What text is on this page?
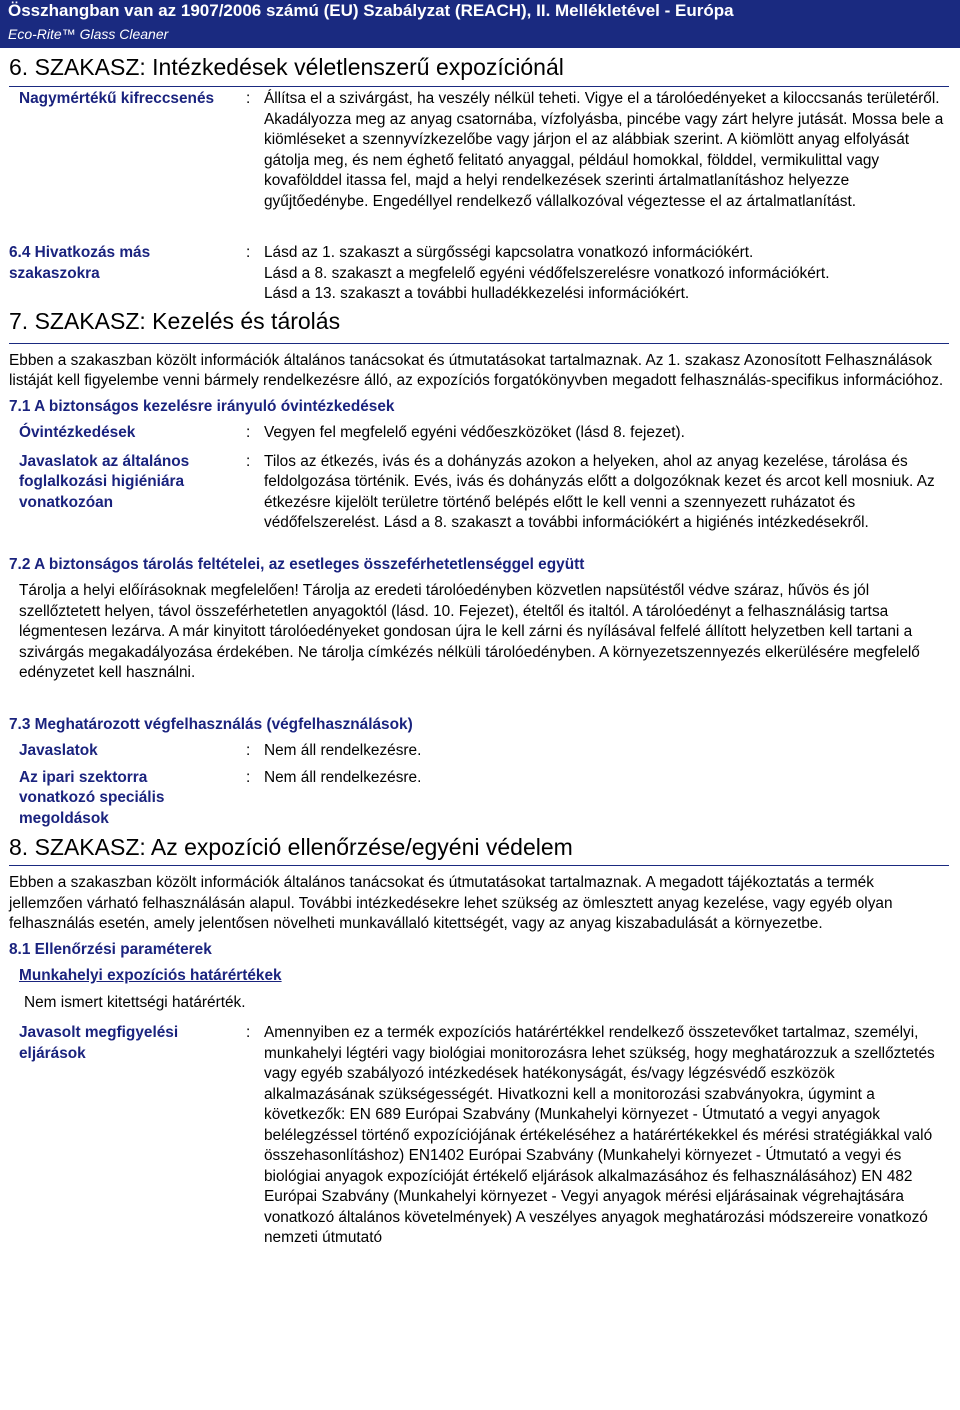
Összhangban van az 1907/2006 számú (EU) Szabályzat (REACH), II. Mellékletével - Európa
Eco-Rite™ Glass Cleaner
6. SZAKASZ: Intézkedések véletlenszerű expozíciónál
Nagymértékű kifreccsenés	: Állítsa el a szivárgást, ha veszély nélkül teheti. Vigye el a tárolóedényeket a kiloccsanás területéről. Akadályozza meg az anyag csatornába, vízfolyásba, pincébe vagy zárt helyre jutását. Mossa bele a kiömléseket a szennyvízkezelőbe vagy járjon el az alábbiak szerint. A kiömlött anyag elfolyását gátolja meg, és nem éghető felitató anyaggal, például homokkal, földdel, vermikulittal vagy kovafölddel itassa fel, majd a helyi rendelkezések szerinti ártalmatlanításhoz helyezze gyűjtőedénybe. Engedéllyel rendelkező vállalkozóval végeztesse el az ártalmatlanítást.
6.4 Hivatkozás más szakaszokra
: Lásd az 1. szakaszt a sürgősségi kapcsolatra vonatkozó információkért.
Lásd a 8. szakaszt a megfelelő egyéni védőfelszerelésre vonatkozó információkért.
Lásd a 13. szakaszt a további hulladékkezelési információkért.
7. SZAKASZ: Kezelés és tárolás
Ebben a szakaszban közölt információk általános tanácsokat és útmutatásokat tartalmaznak. Az 1. szakasz Azonosított Felhasználások listáját kell figyelembe venni bármely rendelkezésre álló, az expozíciós forgatókönyvben megadott felhasználás-specifikus információhoz.
7.1 A biztonságos kezelésre irányuló óvintézkedések
Óvintézkedések	: Vegyen fel megfelelő egyéni védőeszközöket (lásd 8. fejezet).
Javaslatok az általános foglalkozási higiéniára vonatkozóan
: Tilos az étkezés, ivás és a dohányzás azokon a helyeken, ahol az anyag kezelése, tárolása és feldolgozása történik. Evés, ivás és dohányzás előtt a dolgozóknak kezet és arcot kell mosniuk. Az étkezésre kijelölt területre történő belépés előtt le kell venni a szennyezett ruházatot és védőfelszerelést. Lásd a 8. szakaszt a további információkért a higiénés intézkedésekről.
7.2 A biztonságos tárolás feltételei, az esetleges összeférhetetlenséggel együtt
Tárolja a helyi előírásoknak megfelelően! Tárolja az eredeti tárolóedényben közvetlen napsütéstől védve száraz, hűvös és jól szellőztetett helyen, távol összeférhetetlen anyagoktól (lásd. 10. Fejezet), ételtől és italtól. A tárolóedényt a felhasználásig tartsa légmentesen lezárva. A már kinyitott tárolóedényeket gondosan újra le kell zárni és nyílásával felfelé állított helyzetben kell tartani a szivárgás megakadályozása érdekében. Ne tárolja címkézés nélküli tárolóedényben. A környezetszennyezés elkerülésére megfelelő edényzetet kell használni.
7.3 Meghatározott végfelhasználás (végfelhasználások)
Javaslatok	: Nem áll rendelkezésre.
Az ipari szektorra vonatkozó speciális megoldások
: Nem áll rendelkezésre.
8. SZAKASZ: Az expozíció ellenőrzése/egyéni védelem
Ebben a szakaszban közölt információk általános tanácsokat és útmutatásokat tartalmaznak. A megadott tájékoztatás a termék jellemzően várható felhasználásán alapul. További intézkedésekre lehet szükség az ömlesztett anyag kezelése, vagy egyéb olyan felhasználás esetén, amely jelentősen növelheti munkavállaló kitettségét, vagy az anyag kiszabadulását a környezetbe.
8.1 Ellenőrzési paraméterek
Munkahelyi expozíciós határértékek
Nem ismert kitettségi határérték.
Javasolt megfigyelési eljárások
: Amennyiben ez a termék expozíciós határértékkel rendelkező összetevőket tartalmaz, személyi, munkahelyi légtéri vagy biológiai monitorozásra lehet szükség, hogy meghatározzuk a szellőztetés vagy egyéb szabályozó intézkedések hatékonyságát, és/vagy légzésvédő eszközök alkalmazásának szükségességét. Hivatkozni kell a monitorozási szabványokra, úgymint a következők: EN 689 Európai Szabvány (Munkahelyi környezet - Útmutató a vegyi anyagok belélegzéssel történő expozíciójának értékeléséhez a határértékekkel és mérési stratégiákkal való összehasonlításhoz) EN1402 Európai Szabvány (Munkahelyi környezet - Útmutató a vegyi és biológiai anyagok expozícióját értékelő eljárások alkalmazásához és felhasználásához) EN 482 Európai Szabvány (Munkahelyi környezet - Vegyi anyagok mérési eljárásainak végrehajtására vonatkozó általános követelmények) A veszélyes anyagok meghatározási módszereire vonatkozó nemzeti útmutató
